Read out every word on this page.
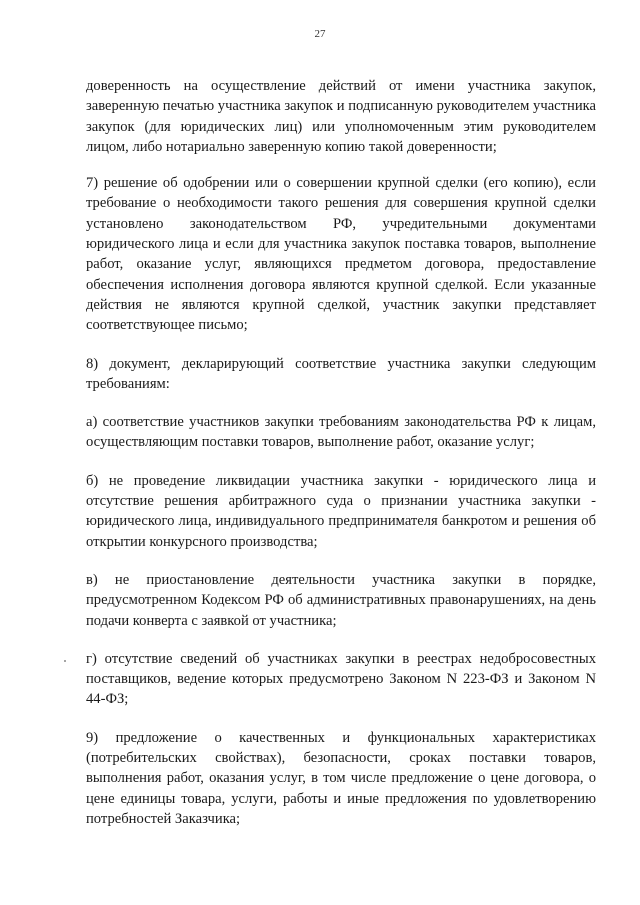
27

доверенность на осуществление действий от имени участника закупок, заверенную печатью участника закупок и подписанную руководителем участника закупок (для юридических лиц) или уполномоченным этим руководителем лицом, либо нотариально заверенную копию такой доверенности;

7) решение об одобрении или о совершении крупной сделки (его копию), если требование о необходимости такого решения для совершения крупной сделки установлено законодательством РФ, учредительными документами юридического лица и если для участника закупок поставка товаров, выполнение работ, оказание услуг, являющихся предметом договора, предоставление обеспечения исполнения договора являются крупной сделкой. Если указанные действия не являются крупной сделкой, участник закупки представляет соответствующее письмо;

8) документ, декларирующий соответствие участника закупки следующим требованиям:

а) соответствие участников закупки требованиям законодательства РФ к лицам, осуществляющим поставки товаров, выполнение работ, оказание услуг;

б) не проведение ликвидации участника закупки - юридического лица и отсутствие решения арбитражного суда о признании участника закупки - юридического лица, индивидуального предпринимателя банкротом и решения об открытии конкурсного производства;

в) не приостановление деятельности участника закупки в порядке, предусмотренном Кодексом РФ об административных правонарушениях, на день подачи конверта с заявкой от участника;

г) отсутствие сведений об участниках закупки в реестрах недобросовестных поставщиков, ведение которых предусмотрено Законом N 223-ФЗ и Законом N 44-ФЗ;

9) предложение о качественных и функциональных характеристиках (потребительских свойствах), безопасности, сроках поставки товаров, выполнения работ, оказания услуг, в том числе предложение о цене договора, о цене единицы товара, услуги, работы и иные предложения по удовлетворению потребностей Заказчика;
